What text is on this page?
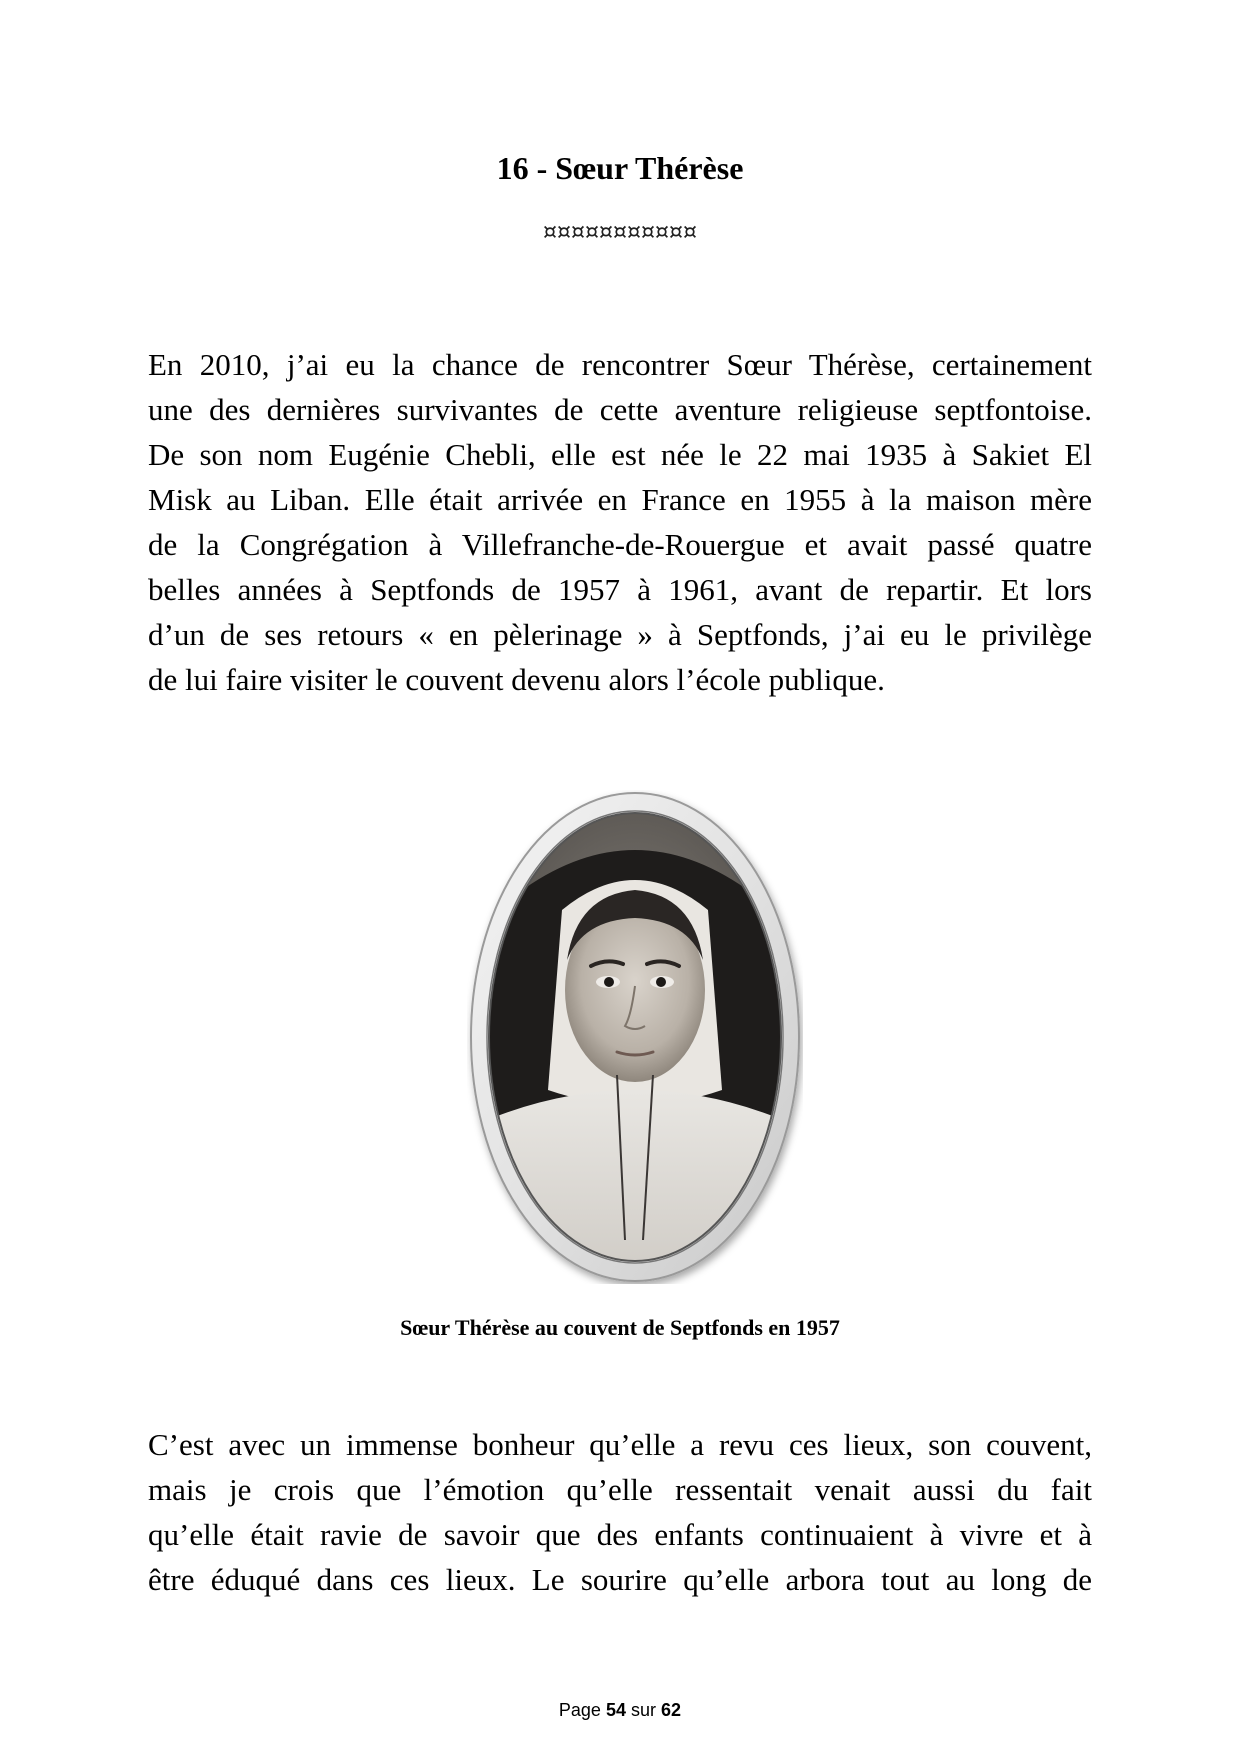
16 - Sœur Thérèse
¤¤¤¤¤¤¤¤¤¤¤
En 2010, j’ai eu la chance de rencontrer Sœur Thérèse, certainement
une des dernières survivantes de cette aventure religieuse septfontoise.
De son nom Eugénie Chebli, elle est née le 22 mai 1935 à Sakiet El
Misk au Liban. Elle était arrivée en France en 1955 à la maison mère
de la Congrégation à Villefranche-de-Rouergue et avait passé quatre
belles années à Septfonds de 1957 à 1961, avant de repartir. Et lors
d’un de ses retours « en pèlerinage » à Septfonds, j’ai eu le privilège
de lui faire visiter le couvent devenu alors l’école publique.
Sœur Thérèse au couvent de Septfonds en 1957
C’est avec un immense bonheur qu’elle a revu ces lieux, son couvent,
mais je crois que l’émotion qu’elle ressentait venait aussi du fait
qu’elle était ravie de savoir que des enfants continuaient à vivre et à
être éduqué dans ces lieux. Le sourire qu’elle arbora tout au long de
Page 54 sur 62
